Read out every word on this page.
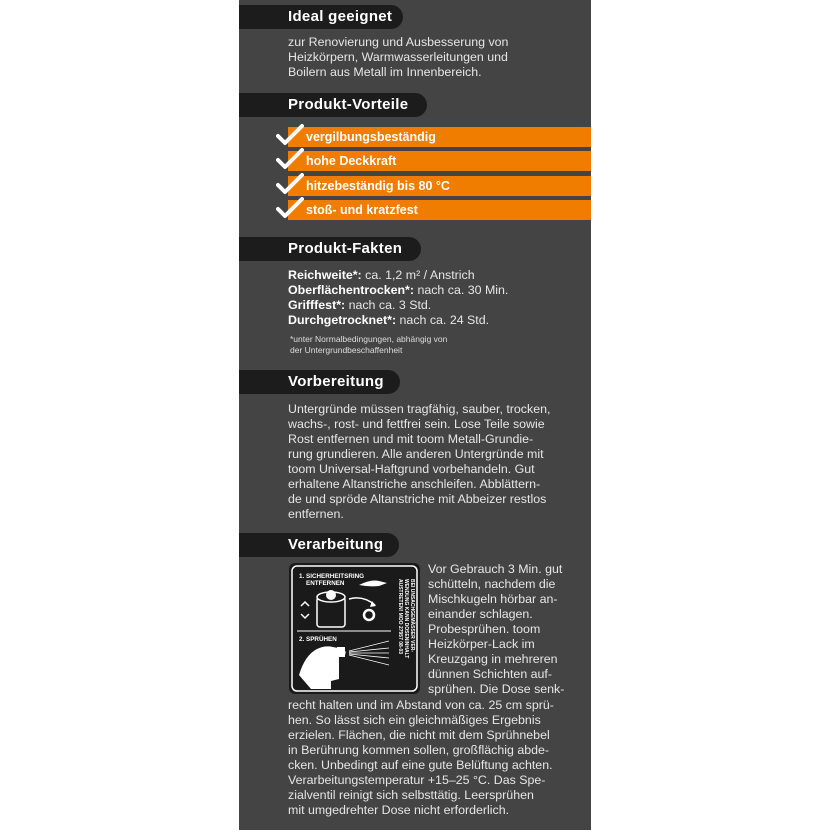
Ideal geeignet

zur Renovierung und Ausbesserung von

Heizkörpern, Warmwasserleitungen und

Boilern aus Metall im Innenbereich.

Produkt-Vorteile
vergilbungsbeständig
hohe Deckkraft
hitzebeständig bis 80 °C
stoß- und kratzfest
Produkt-Fakten

Reichweite*: ca. 1,2 m² / Anstrich

Oberflächentrocken*: nach ca. 30 Min.

Grifffest*: nach ca. 3 Std.

Durchgetrocknet*: nach ca. 24 Std.

*unter Normalbedingungen, abhängig von

der Untergrundbeschaffenheit

Vorbereitung

Untergründe müssen tragfähig, sauber, trocken,

wachs-, rost- und fettfrei sein. Lose Teile sowie

Rost entfernen und mit toom Metall-Grundie-

rung grundieren. Alle anderen Untergründe mit

toom Universal-Haftgrund vorbehandeln. Gut

erhaltene Altanstriche anschleifen. Abblättern-

de und spröde Altanstriche mit Abbeizer restlos

entfernen.

Verarbeitung
1. SICHERHEITSRING
ENTFERNEN
2. SPRÜHEN	BEI UNSACHGEMÄSSER VER-
WENDUNG KANN DOSENINHALT
AUSTRETEN! MOO 27957 08-03

Vor Gebrauch 3 Min. gut

schütteln, nachdem die

Mischkugeln hörbar an-

einander schlagen.

Probesprühen. toom

Heizkörper-Lack im

Kreuzgang in mehreren

dünnen Schichten auf-

sprühen. Die Dose senk-

recht halten und im Abstand von ca. 25 cm sprü-

hen. So lässt sich ein gleichmäßiges Ergebnis

erzielen. Flächen, die nicht mit dem Sprühnebel

in Berührung kommen sollen, großflächig abde-

cken. Unbedingt auf eine gute Belüftung achten.

Verarbeitungstemperatur +15–25 °C. Das Spe-

zialventil reinigt sich selbsttätig. Leersprühen

mit umgedrehter Dose nicht erforderlich.
